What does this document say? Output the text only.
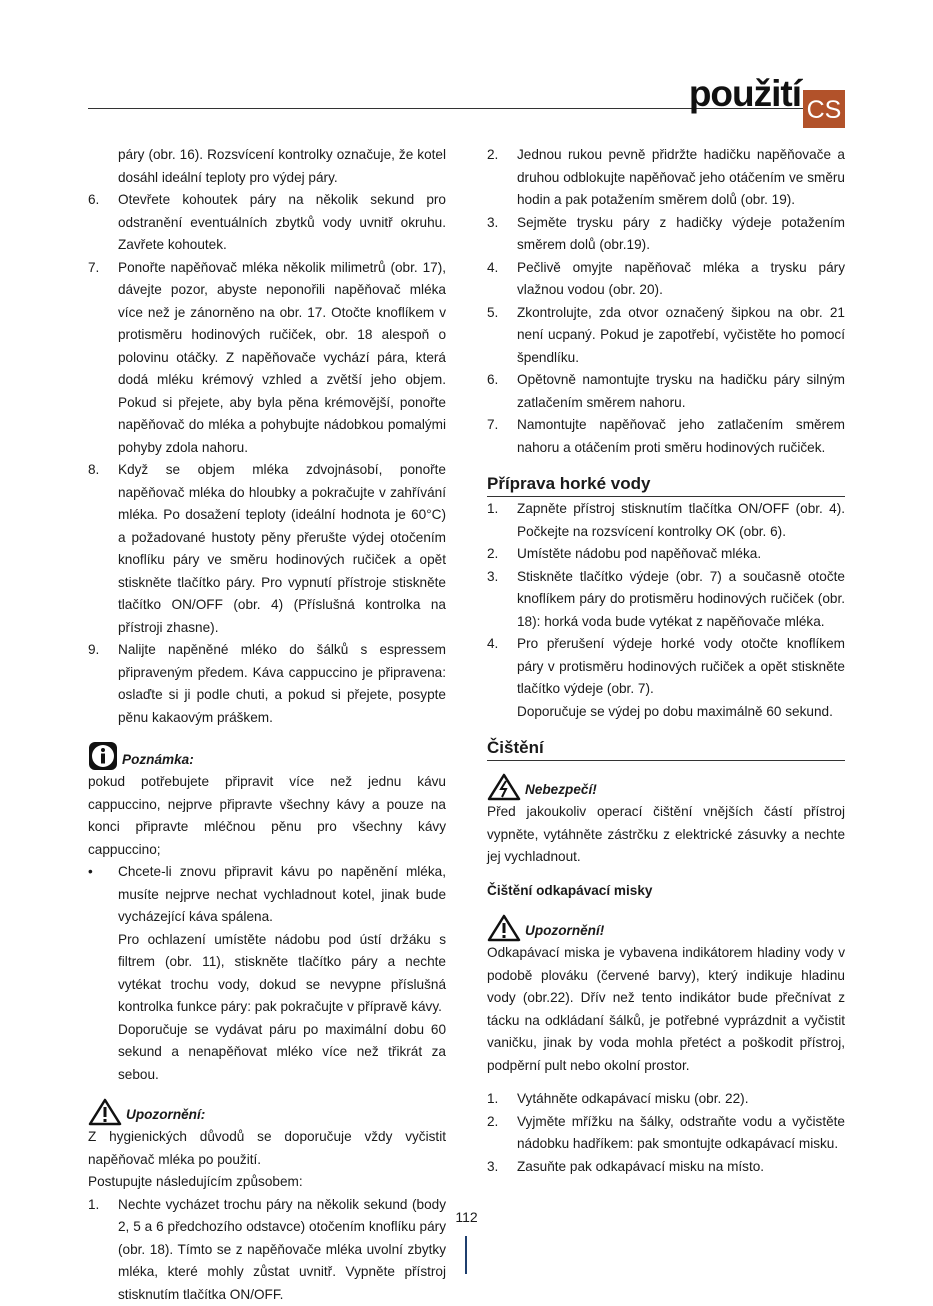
použití CS

páry (obr. 16). Rozsvícení kontrolky označuje, že kotel dosáhl ideální teploty pro výdej páry.

6. Otevřete kohoutek páry na několik sekund pro odstranění eventuálních zbytků vody uvnitř okruhu. Zavřete kohoutek.
7. Ponořte napěňovač mléka několik milimetrů (obr. 17), dávejte pozor, abyste neponořili napěňovač mléka více než je zánorněno na obr. 17. Otočte knoflíkem v protisměru hodinových ručiček, obr. 18 alespoň o polovinu otáčky. Z napěňovače vychází pára, která dodá mléku krémový vzhled a zvětší jeho objem. Pokud si přejete, aby byla pěna krémovější, ponořte napěňovač do mléka a pohybujte nádobkou pomalými pohyby zdola nahoru.
8. Když se objem mléka zdvojnásobí, ponořte napěňovač mléka do hloubky a pokračujte v zahřívání mléka. Po dosažení teploty (ideální hodnota je 60°C) a požadované hustoty pěny přerušte výdej otočením knoflíku páry ve směru hodinových ručiček a opět stiskněte tlačítko páry. Pro vypnutí přístroje stiskněte tlačítko ON/OFF (obr. 4) (Příslušná kontrolka na přístroji zhasne).
9. Nalijte napěněné mléko do šálků s espressem připraveným předem. Káva cappuccino je připravena: oslaďte si ji podle chuti, a pokud si přejete, posypte pěnu kakaovým práškem.
Poznámka:

pokud potřebujete připravit více než jednu kávu cappuccino, nejprve připravte všechny kávy a pouze na konci připravte mléčnou pěnu pro všechny kávy cappuccino;

• Chcete-li znovu připravit kávu po napěnění mléka, musíte nejprve nechat vychladnout kotel, jinak bude vycházející káva spálena.

Pro ochlazení umístěte nádobu pod ústí držáku s filtrem (obr. 11), stiskněte tlačítko páry a nechte vytékat trochu vody, dokud se nevypne příslušná kontrolka funkce páry: pak pokračujte v přípravě kávy.

Doporučuje se vydávat páru po maximální dobu 60 sekund a nenapěňovat mléko více než třikrát za sebou.

Upozornění:

Z hygienických důvodů se doporučuje vždy vyčistit napěňovač mléka po použití.

Postupujte následujícím způsobem:

1. Nechte vycházet trochu páry na několik sekund (body 2, 5 a 6 předchozího odstavce) otočením knoflíku páry (obr. 18). Tímto se z napěňovače mléka uvolní zbytky mléka, které mohly zůstat uvnitř. Vypněte přístroj stisknutím tlačítka ON/OFF.
2. Jednou rukou pevně přidržte hadičku napěňovače a druhou odblokujte napěňovač jeho otáčením ve směru hodin a pak potažením směrem dolů (obr. 19).
3. Sejměte trysku páry z hadičky výdeje potažením směrem dolů (obr.19).
4. Pečlivě omyjte napěňovač mléka a trysku páry vlažnou vodou (obr. 20).
5. Zkontrolujte, zda otvor označený šipkou na obr. 21 není ucpaný. Pokud je zapotřebí, vyčistěte ho pomocí špendlíku.
6. Opětovně namontujte trysku na hadičku páry silným zatlačením směrem nahoru.
7. Namontujte napěňovač jeho zatlačením směrem nahoru a otáčením proti směru hodinových ručiček.
Příprava horké vody
1. Zapněte přístroj stisknutím tlačítka ON/OFF (obr. 4). Počkejte na rozsvícení kontrolky OK (obr. 6).
2. Umístěte nádobu pod napěňovač mléka.
3. Stiskněte tlačítko výdeje (obr. 7) a současně otočte knoflíkem páry do protisměru hodinových ručiček (obr. 18): horká voda bude vytékat z napěňovače mléka.
4. Pro přerušení výdeje horké vody otočte knoflíkem páry v protisměru hodinových ručiček a opět stiskněte tlačítko výdeje (obr. 7).

Doporučuje se výdej po dobu maximálně 60 sekund.

Čištění
Nebezpečí!

Před jakoukoliv operací čištění vnějších částí přístroj vypněte, vytáhněte zástrčku z elektrické zásuvky a nechte jej vychladnout.

Čištění odkapávací misky
Upozornění!

Odkapávací miska je vybavena indikátorem hladiny vody v podobě plováku (červené barvy), který indikuje hladinu vody (obr.22). Dřív než tento indikátor bude přečnívat z tácku na odkládaní šálků, je potřebné vyprázdnit a vyčistit vaničku, jinak by voda mohla přetéct a poškodit přístroj, podpěrní pult nebo okolní prostor.

1. Vytáhněte odkapávací misku (obr. 22).
2. Vyjměte mřížku na šálky, odstraňte vodu a vyčistěte nádobku hadříkem: pak smontujte odkapávací misku.
3. Zasuňte pak odkapávací misku na místo.
112
